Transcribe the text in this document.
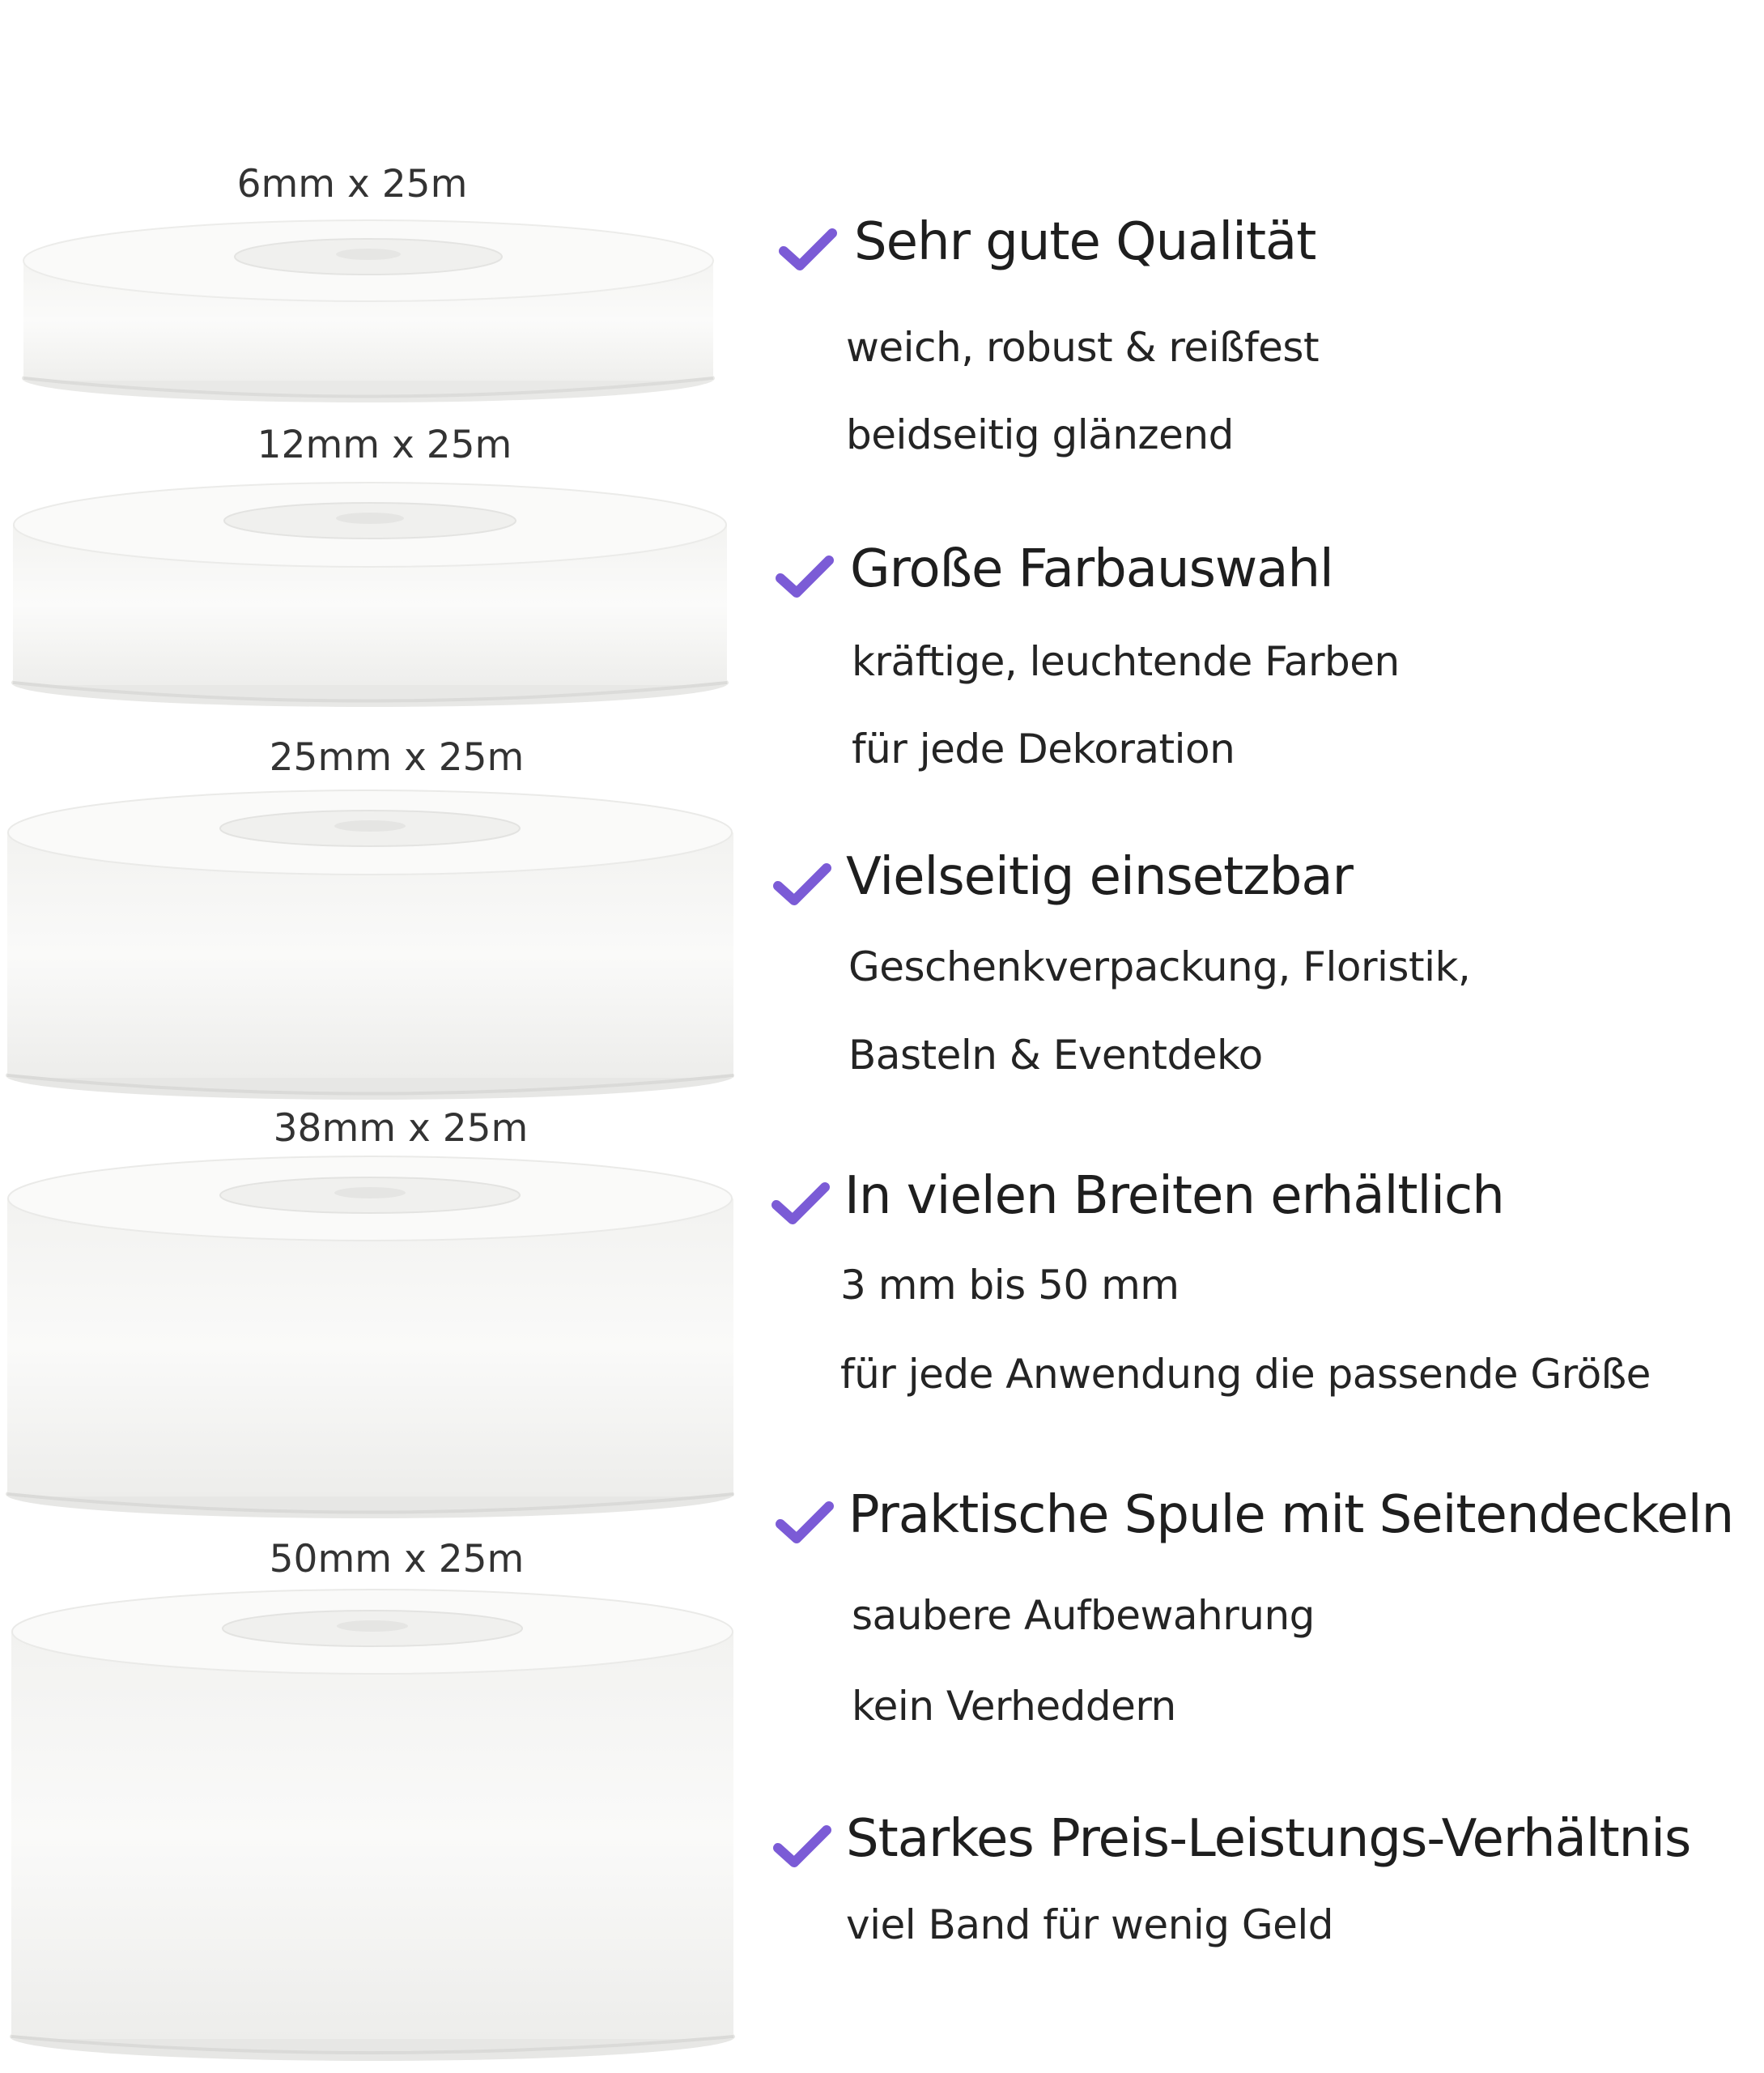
6mm x 25m
12mm x 25m
25mm x 25m
38mm x 25m
50mm x 25m
Sehr gute Qualität
weich, robust & reißfest
beidseitig glänzend
Große Farbauswahl
kräftige, leuchtende Farben
für jede Dekoration
Vielseitig einsetzbar
Geschenkverpackung, Floristik,
Basteln & Eventdeko
In vielen Breiten erhältlich
3 mm bis 50 mm
für jede Anwendung die passende Größe
Praktische Spule mit Seitendeckeln
saubere Aufbewahrung
kein Verheddern
Starkes Preis-Leistungs-Verhältnis
viel Band für wenig Geld
